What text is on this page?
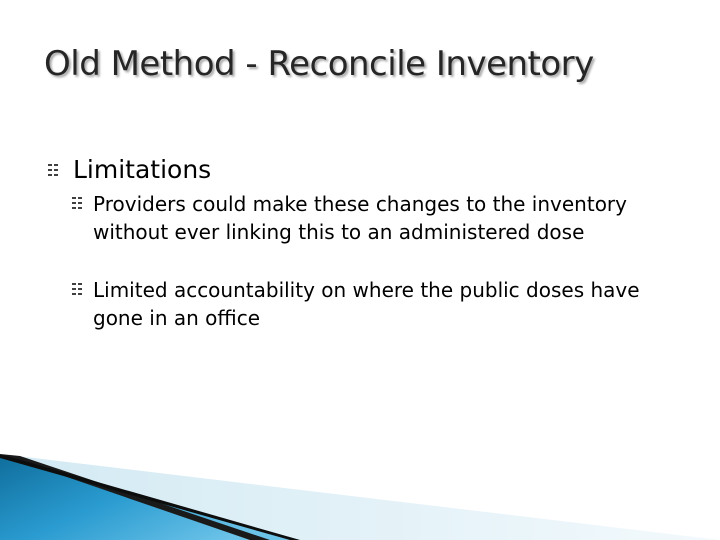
Old Method - Reconcile Inventory
Limitations
Providers could make these changes to the inventory without ever linking this to an administered dose
Limited accountability on where the public doses have gone in an office
